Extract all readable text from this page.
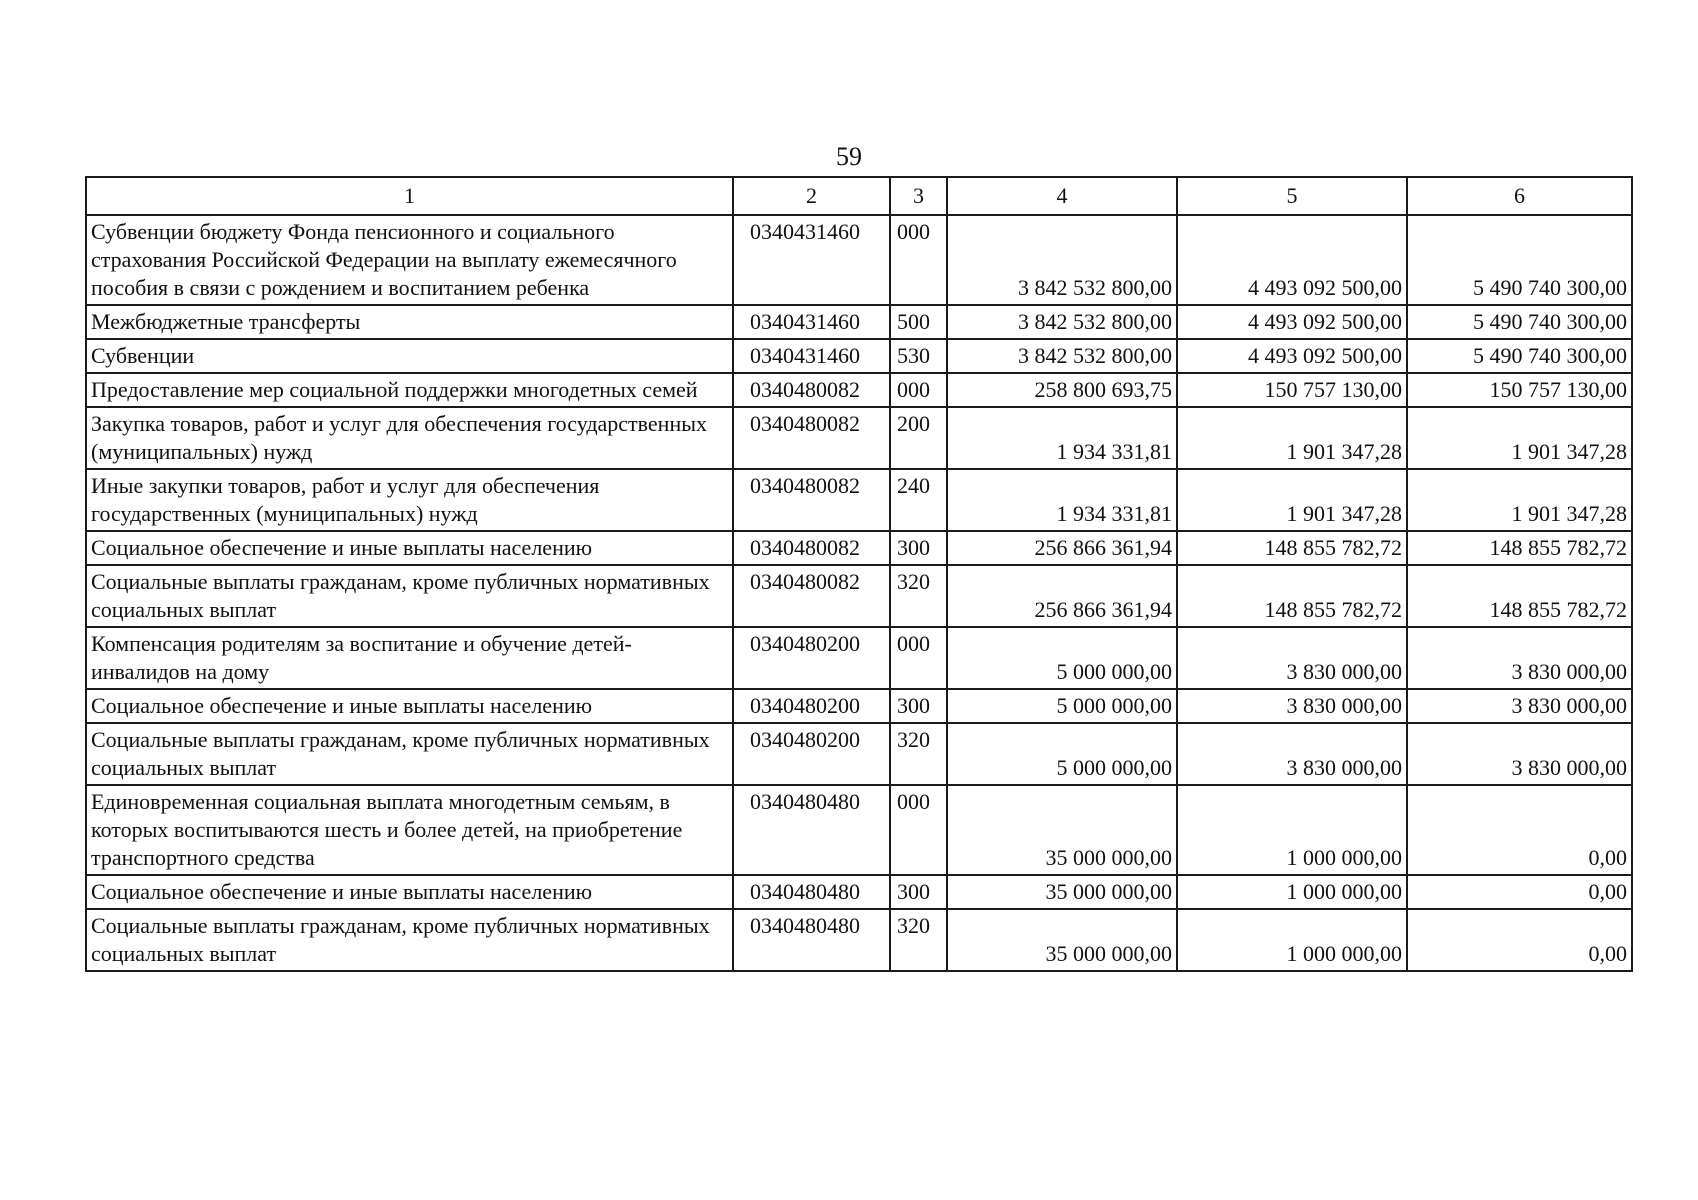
59
1	2	3	4	5	6
Субвенции бюджету Фонда пенсионного и социального страхования Российской Федерации на выплату ежемесячного пособия в связи с рождением и воспитанием ребенка	0340431460	000	3 842 532 800,00	4 493 092 500,00	5 490 740 300,00
Межбюджетные трансферты	0340431460	500	3 842 532 800,00	4 493 092 500,00	5 490 740 300,00
Субвенции	0340431460	530	3 842 532 800,00	4 493 092 500,00	5 490 740 300,00
Предоставление мер социальной поддержки многодетных семей	0340480082	000	258 800 693,75	150 757 130,00	150 757 130,00
Закупка товаров, работ и услуг для обеспечения государственных (муниципальных) нужд	0340480082	200	1 934 331,81	1 901 347,28	1 901 347,28
Иные закупки товаров, работ и услуг для обеспечения государственных (муниципальных) нужд	0340480082	240	1 934 331,81	1 901 347,28	1 901 347,28
Социальное обеспечение и иные выплаты населению	0340480082	300	256 866 361,94	148 855 782,72	148 855 782,72
Социальные выплаты гражданам, кроме публичных нормативных социальных выплат	0340480082	320	256 866 361,94	148 855 782,72	148 855 782,72
Компенсация родителям за воспитание и обучение детей-инвалидов на дому	0340480200	000	5 000 000,00	3 830 000,00	3 830 000,00
Социальное обеспечение и иные выплаты населению	0340480200	300	5 000 000,00	3 830 000,00	3 830 000,00
Социальные выплаты гражданам, кроме публичных нормативных социальных выплат	0340480200	320	5 000 000,00	3 830 000,00	3 830 000,00
Единовременная социальная выплата многодетным семьям, в которых воспитываются шесть и более детей, на приобретение транспортного средства	0340480480	000	35 000 000,00	1 000 000,00	0,00
Социальное обеспечение и иные выплаты населению	0340480480	300	35 000 000,00	1 000 000,00	0,00
Социальные выплаты гражданам, кроме публичных нормативных социальных выплат	0340480480	320	35 000 000,00	1 000 000,00	0,00
